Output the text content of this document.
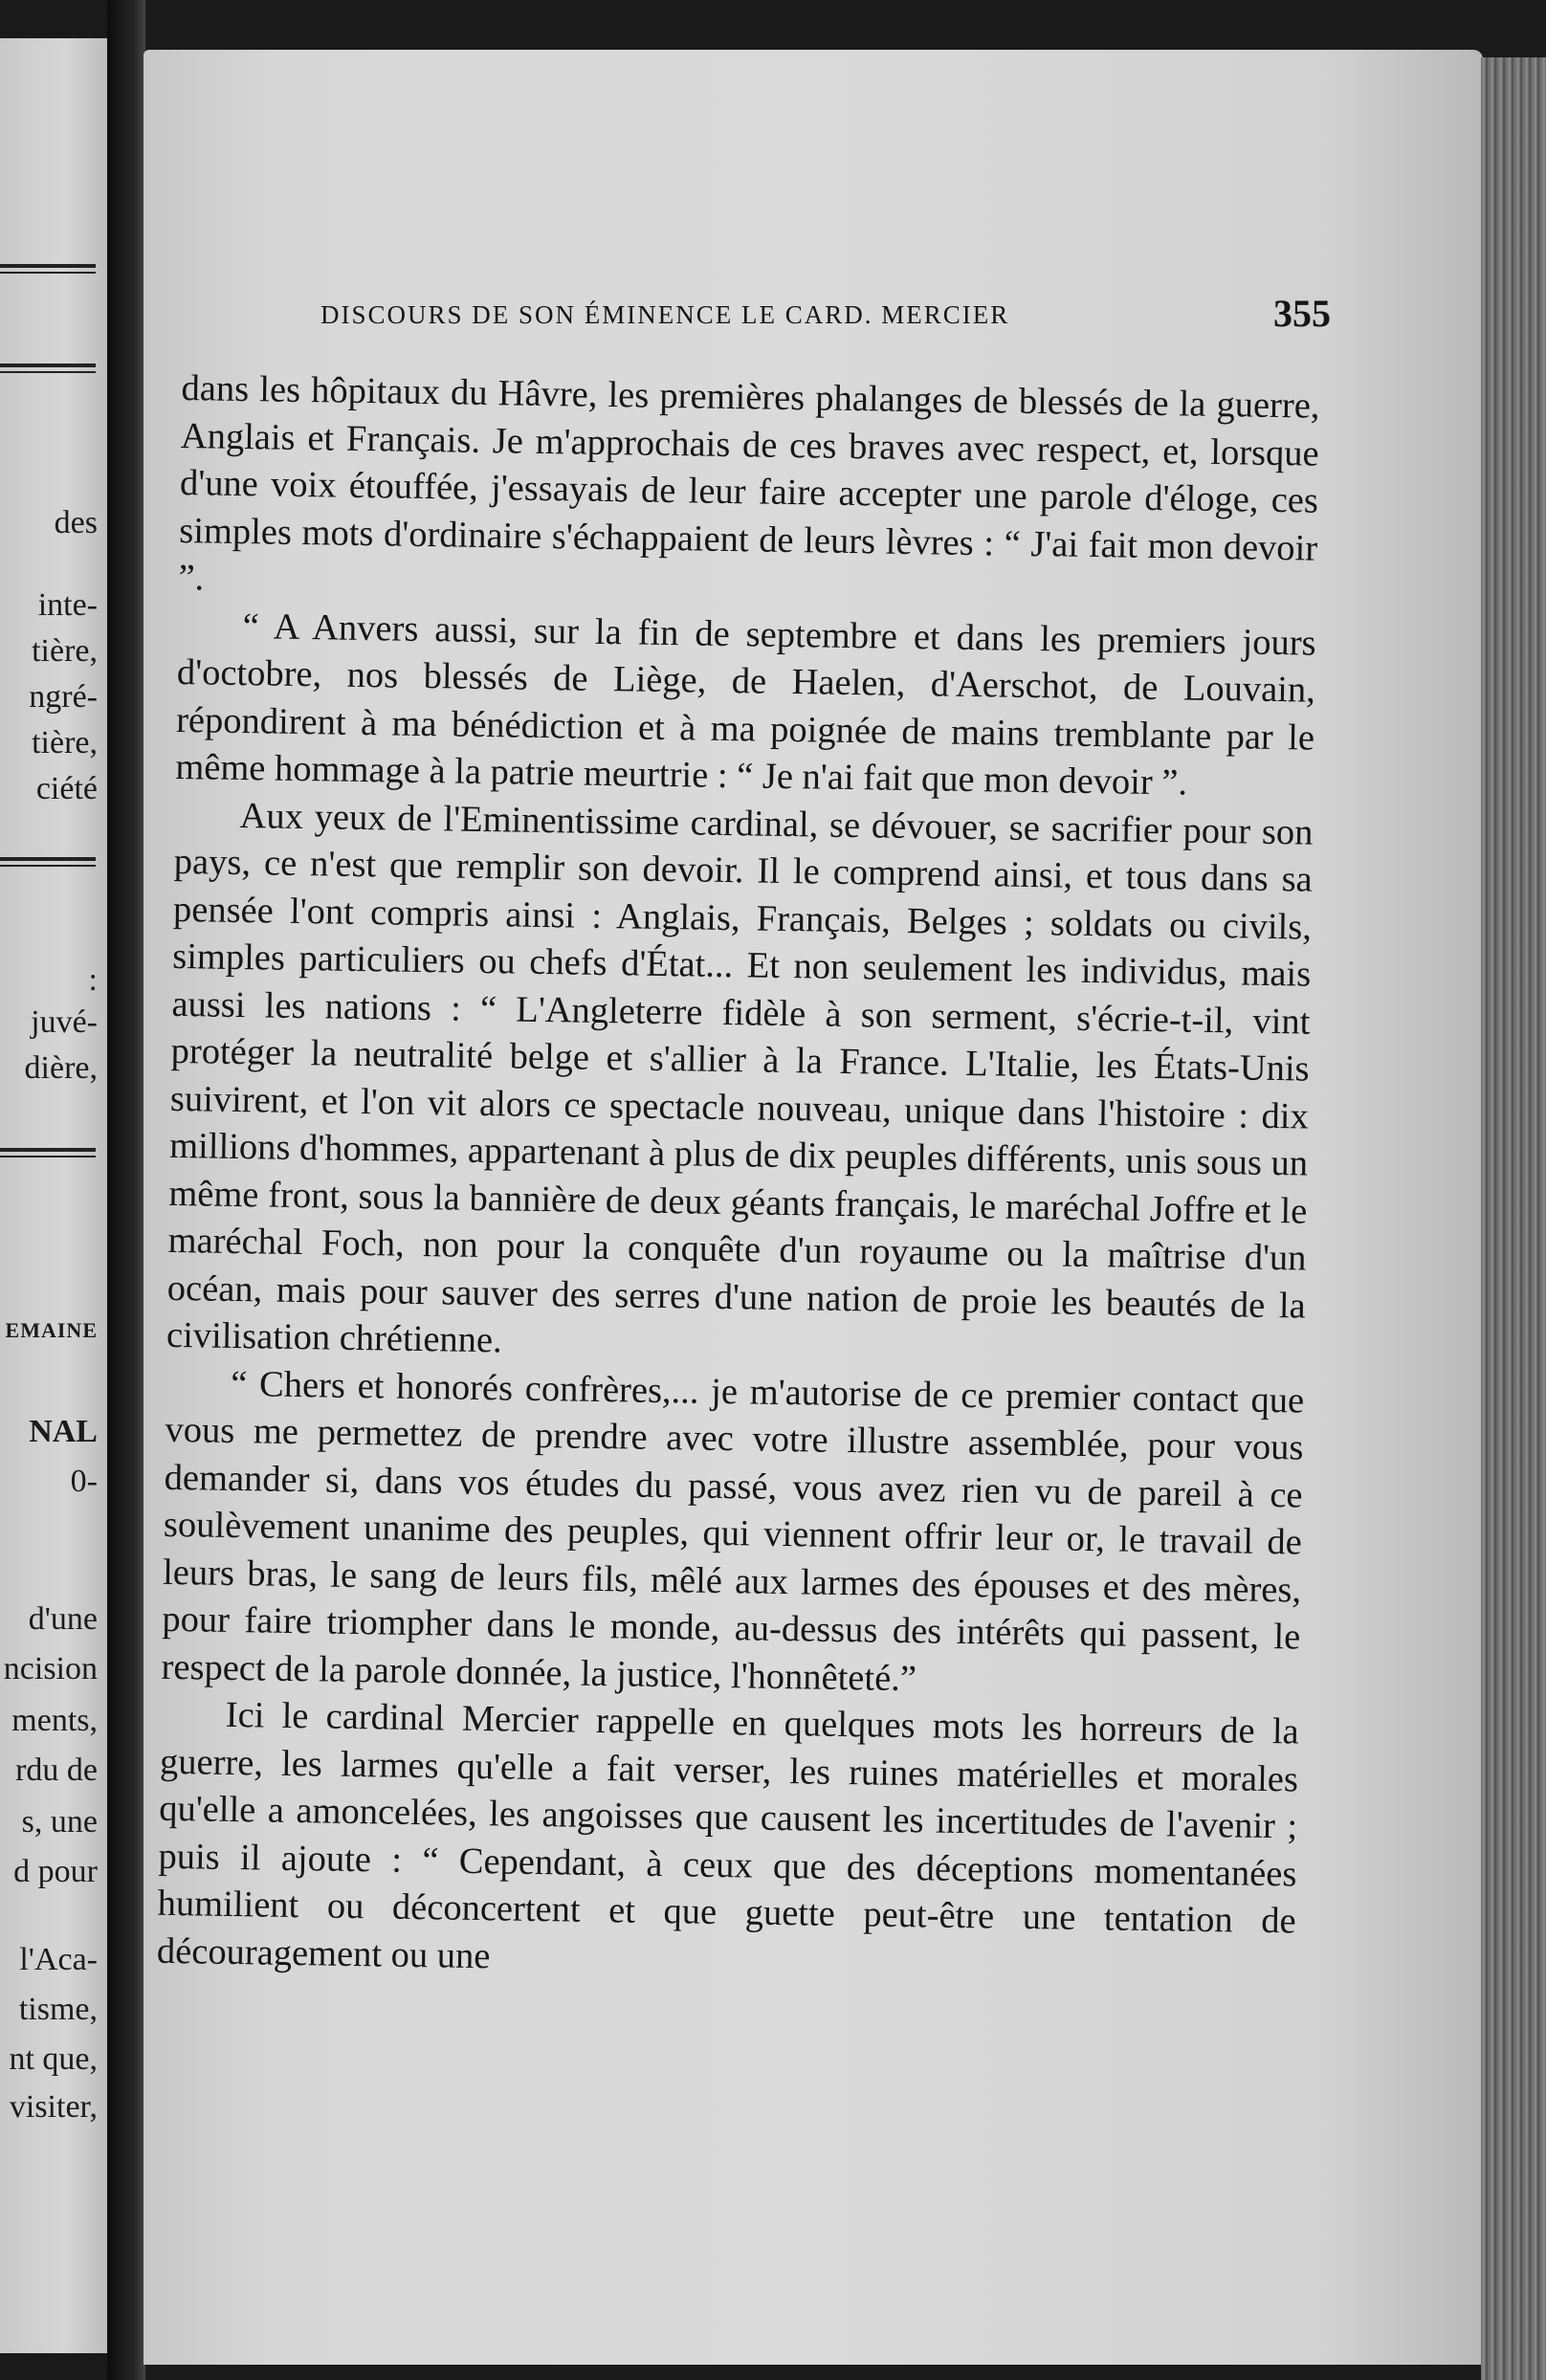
des
inte-
tière,
ngré-
tière,
ciété
:
juvé-
dière,
EMAINE
NAL
0-
d'une
ncision
ments,
rdu de
s, une
d pour
l'Aca-
tisme,
nt que,
visiter,
DISCOURS DE SON ÉMINENCE LE CARD. MERCIER	355

dans les hôpitaux du Hâvre, les premières phalanges de blessés de la guerre, Anglais et Français. Je m'approchais de ces braves avec respect, et, lorsque d'une voix étouffée, j'essayais de leur faire accepter une parole d'éloge, ces simples mots d'ordinaire s'échappaient de leurs lèvres : “ J'ai fait mon devoir ”.

“ A Anvers aussi, sur la fin de septembre et dans les premiers jours d'octobre, nos blessés de Liège, de Haelen, d'Aerschot, de Louvain, répondirent à ma bénédiction et à ma poignée de mains tremblante par le même hommage à la patrie meurtrie : “ Je n'ai fait que mon devoir ”.

Aux yeux de l'Eminentissime cardinal, se dévouer, se sacrifier pour son pays, ce n'est que remplir son devoir. Il le comprend ainsi, et tous dans sa pensée l'ont compris ainsi : Anglais, Français, Belges ; soldats ou civils, simples particuliers ou chefs d'État... Et non seulement les individus, mais aussi les nations : “ L'Angleterre fidèle à son serment, s'écrie-t-il, vint protéger la neutralité belge et s'allier à la France. L'Italie, les États-Unis suivirent, et l'on vit alors ce spectacle nouveau, unique dans l'histoire : dix millions d'hommes, appartenant à plus de dix peuples différents, unis sous un même front, sous la bannière de deux géants français, le maréchal Joffre et le maréchal Foch, non pour la conquête d'un royaume ou la maîtrise d'un océan, mais pour sauver des serres d'une nation de proie les beautés de la civilisation chrétienne.

“ Chers et honorés confrères,... je m'autorise de ce premier contact que vous me permettez de prendre avec votre illustre assemblée, pour vous demander si, dans vos études du passé, vous avez rien vu de pareil à ce soulèvement unanime des peuples, qui viennent offrir leur or, le travail de leurs bras, le sang de leurs fils, mêlé aux larmes des épouses et des mères, pour faire triompher dans le monde, au-dessus des intérêts qui passent, le respect de la parole donnée, la justice, l'honnêteté.”

Ici le cardinal Mercier rappelle en quelques mots les horreurs de la guerre, les larmes qu'elle a fait verser, les ruines matérielles et morales qu'elle a amoncelées, les angoisses que causent les incertitudes de l'avenir ; puis il ajoute : “ Cependant, à ceux que des déceptions momentanées humilient ou déconcertent et que guette peut-être une tentation de découragement ou une
